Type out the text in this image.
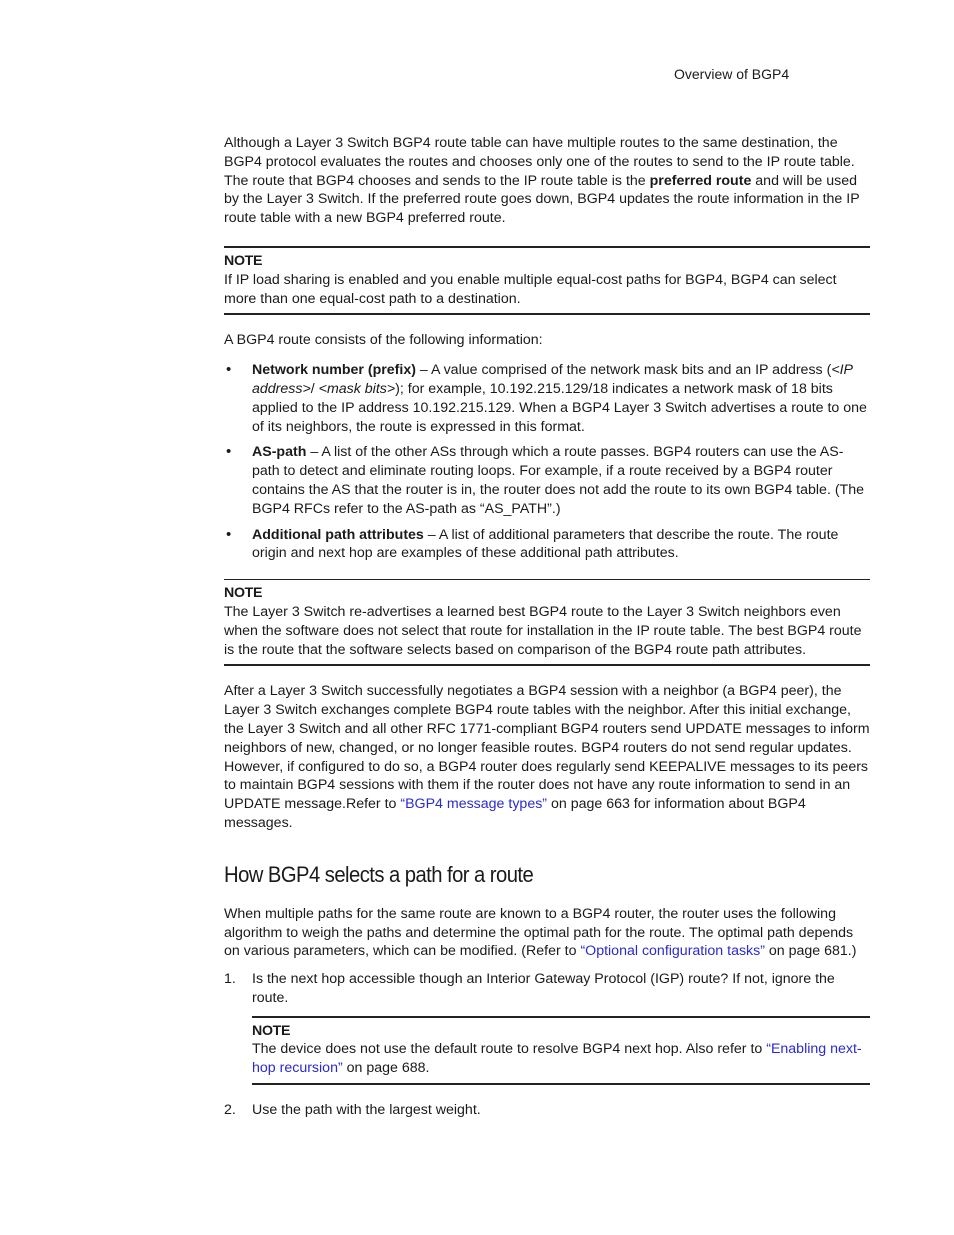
Overview of BGP4

Although a Layer 3 Switch BGP4 route table can have multiple routes to the same destination, the BGP4 protocol evaluates the routes and chooses only one of the routes to send to the IP route table. The route that BGP4 chooses and sends to the IP route table is the preferred route and will be used by the Layer 3 Switch. If the preferred route goes down, BGP4 updates the route information in the IP route table with a new BGP4 preferred route.

NOTE

If IP load sharing is enabled and you enable multiple equal-cost paths for BGP4, BGP4 can select more than one equal-cost path to a destination.

A BGP4 route consists of the following information:

• Network number (prefix) – A value comprised of the network mask bits and an IP address (<IP address>/ <mask bits>); for example, 10.192.215.129/18 indicates a network mask of 18 bits applied to the IP address 10.192.215.129. When a BGP4 Layer 3 Switch advertises a route to one of its neighbors, the route is expressed in this format.
• AS-path – A list of the other ASs through which a route passes. BGP4 routers can use the AS-path to detect and eliminate routing loops. For example, if a route received by a BGP4 router contains the AS that the router is in, the router does not add the route to its own BGP4 table. (The BGP4 RFCs refer to the AS-path as “AS_PATH”.)
• Additional path attributes – A list of additional parameters that describe the route. The route origin and next hop are examples of these additional path attributes.
NOTE

The Layer 3 Switch re-advertises a learned best BGP4 route to the Layer 3 Switch neighbors even when the software does not select that route for installation in the IP route table. The best BGP4 route is the route that the software selects based on comparison of the BGP4 route path attributes.

After a Layer 3 Switch successfully negotiates a BGP4 session with a neighbor (a BGP4 peer), the Layer 3 Switch exchanges complete BGP4 route tables with the neighbor. After this initial exchange, the Layer 3 Switch and all other RFC 1771-compliant BGP4 routers send UPDATE messages to inform neighbors of new, changed, or no longer feasible routes. BGP4 routers do not send regular updates. However, if configured to do so, a BGP4 router does regularly send KEEPALIVE messages to its peers to maintain BGP4 sessions with them if the router does not have any route information to send in an UPDATE message.Refer to “BGP4 message types” on page 663 for information about BGP4 messages.

How BGP4 selects a path for a route

When multiple paths for the same route are known to a BGP4 router, the router uses the following algorithm to weigh the paths and determine the optimal path for the route. The optimal path depends on various parameters, which can be modified. (Refer to “Optional configuration tasks” on page 681.)

1. Is the next hop accessible though an Interior Gateway Protocol (IGP) route? If not, ignore the route.
NOTE

The device does not use the default route to resolve BGP4 next hop. Also refer to “Enabling next-hop recursion” on page 688.

2. Use the path with the largest weight.
